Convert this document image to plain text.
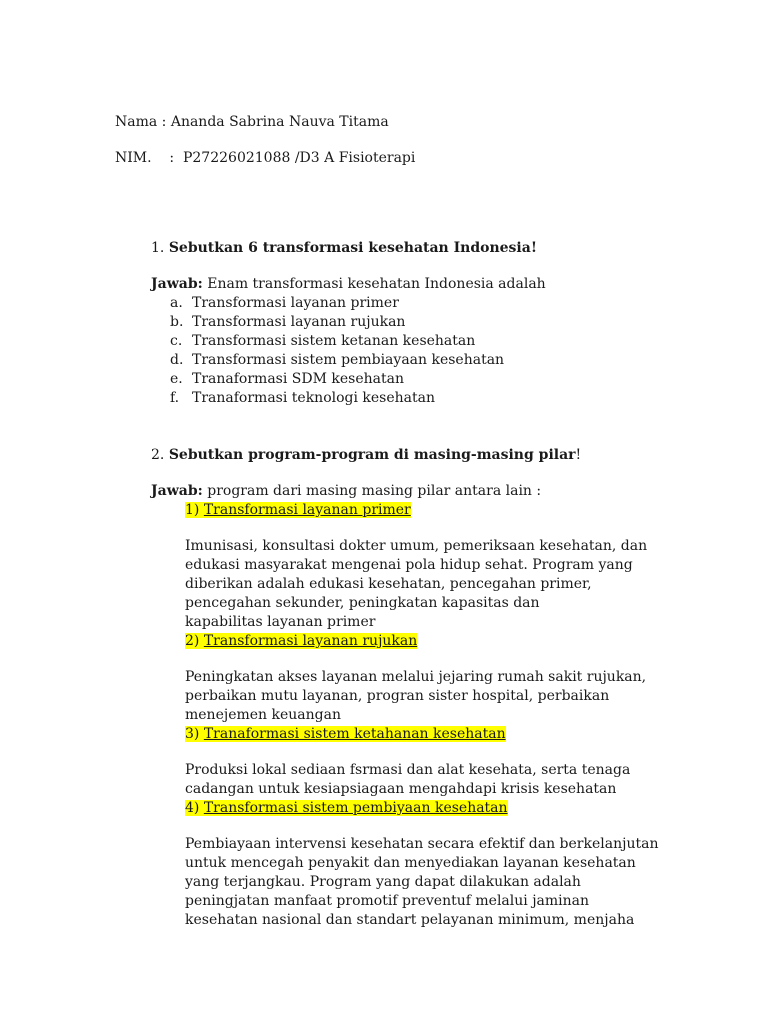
Nama : Ananda Sabrina Nauva Titama
NIM.    :  P27226021088 /D3 A Fisioterapi
1. Sebutkan 6 transformasi kesehatan Indonesia!
Jawab: Enam transformasi kesehatan Indonesia adalah
a. Transformasi layanan primer
b. Transformasi layanan rujukan
c. Transformasi sistem ketanan kesehatan
d. Transformasi sistem pembiayaan kesehatan
e. Tranaformasi SDM kesehatan
f. Tranaformasi teknologi kesehatan
2. Sebutkan program-program di masing-masing pilar!
Jawab: program dari masing masing pilar antara lain :
1) Transformasi layanan primer
Imunisasi, konsultasi dokter umum, pemeriksaan kesehatan, dan
edukasi masyarakat mengenai pola hidup sehat. Program yang
diberikan adalah edukasi kesehatan, pencegahan primer,
pencegahan sekunder, peningkatan kapasitas dan
kapabilitas layanan primer
2) Transformasi layanan rujukan
Peningkatan akses layanan melalui jejaring rumah sakit rujukan,
perbaikan mutu layanan, progran sister hospital, perbaikan
menejemen keuangan
3) Tranaformasi sistem ketahanan kesehatan
Produksi lokal sediaan fsrmasi dan alat kesehata, serta tenaga
cadangan untuk kesiapsiagaan mengahdapi krisis kesehatan
4) Transformasi sistem pembiyaan kesehatan
Pembiayaan intervensi kesehatan secara efektif dan berkelanjutan
untuk mencegah penyakit dan menyediakan layanan kesehatan
yang terjangkau. Program yang dapat dilakukan adalah
peningjatan manfaat promotif preventuf melalui jaminan
kesehatan nasional dan standart pelayanan minimum, menjaha
